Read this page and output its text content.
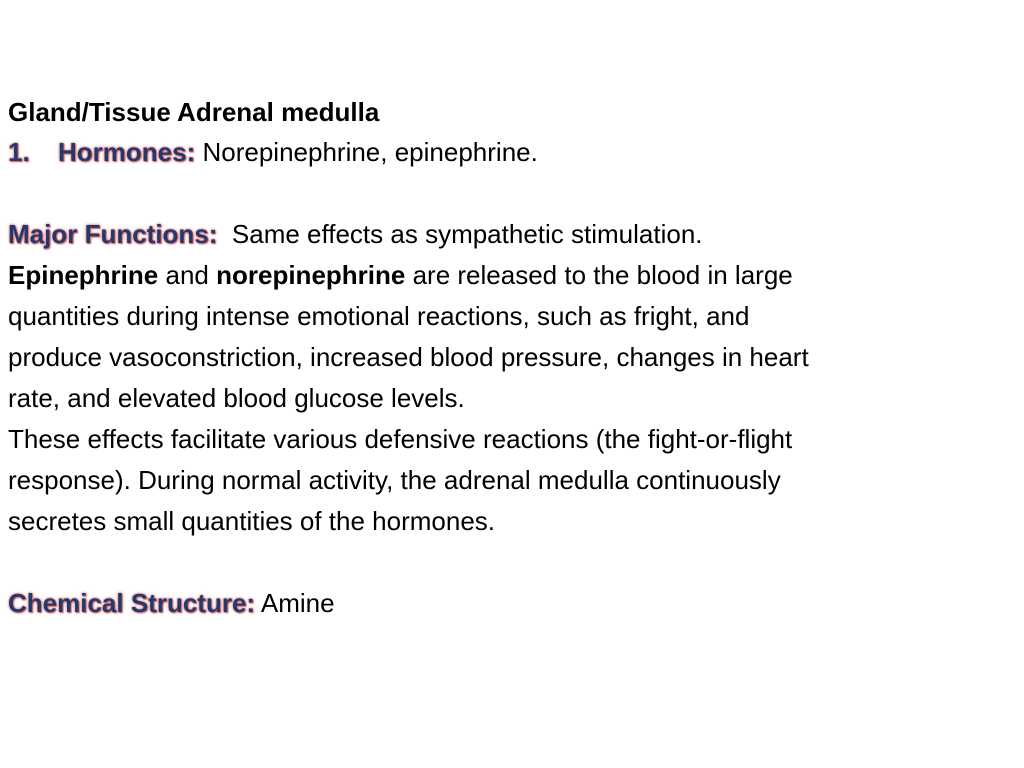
Gland/Tissue Adrenal medulla
1. Hormones: Norepinephrine, epinephrine.
Major Functions: Same effects as sympathetic stimulation.
Epinephrine and norepinephrine are released to the blood in large
quantities during intense emotional reactions, such as fright, and
produce vasoconstriction, increased blood pressure, changes in heart
rate, and elevated blood glucose levels.
These effects facilitate various defensive reactions (the fight-or-flight
response). During normal activity, the adrenal medulla continuously
secretes small quantities of the hormones.
Chemical Structure: Amine
